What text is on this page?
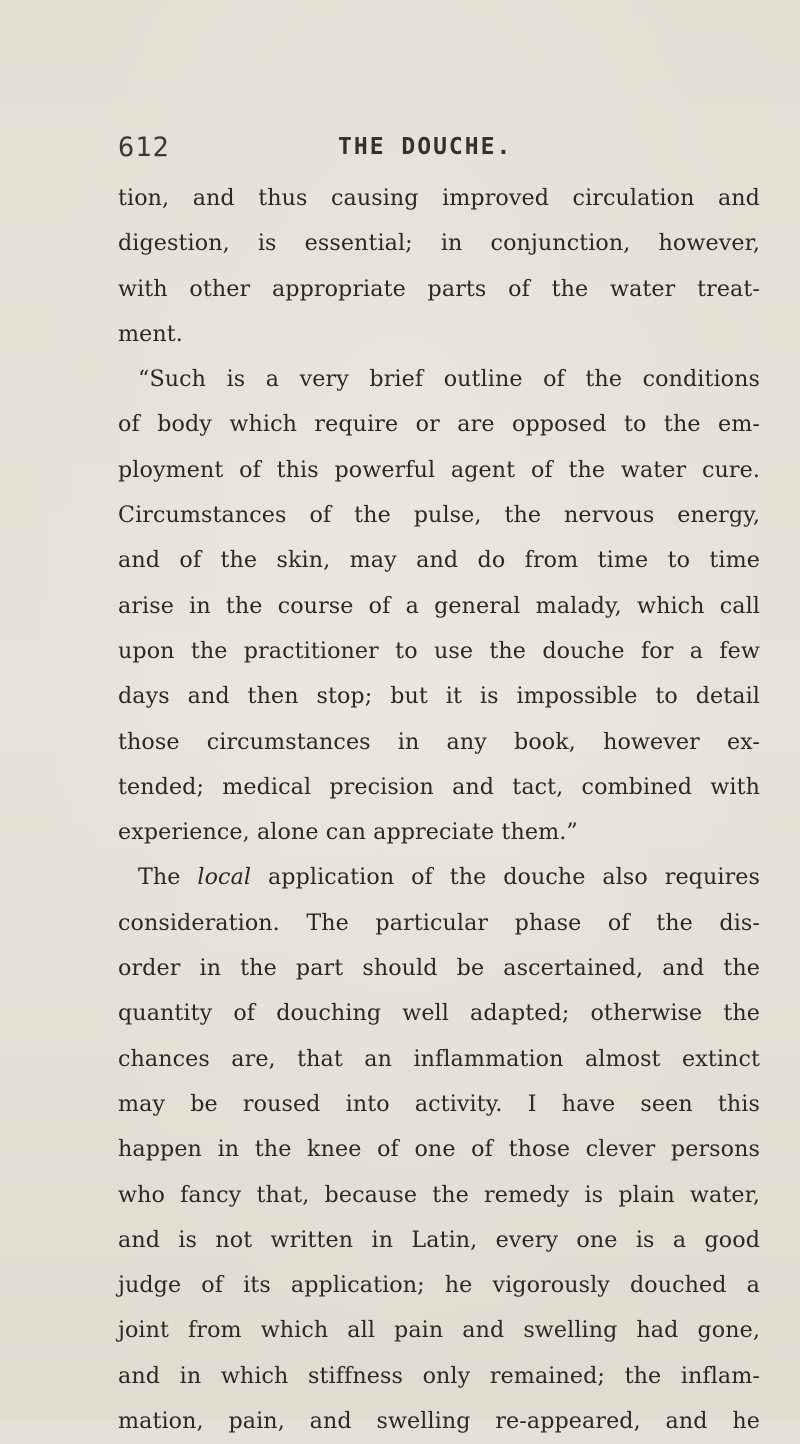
612	THE DOUCHE.
tion, and thus causing improved circulation and
digestion, is essential; in conjunction, however,
with other appropriate parts of the water treat-
ment.
“Such is a very brief outline of the conditions
of body which require or are opposed to the em-
ployment of this powerful agent of the water cure.
Circumstances of the pulse, the nervous energy,
and of the skin, may and do from time to time
arise in the course of a general malady, which call
upon the practitioner to use the douche for a few
days and then stop; but it is impossible to detail
those circumstances in any book, however ex-
tended; medical precision and tact, combined with
experience, alone can appreciate them.”
The local application of the douche also requires
consideration. The particular phase of the dis-
order in the part should be ascertained, and the
quantity of douching well adapted; otherwise the
chances are, that an inflammation almost extinct
may be roused into activity. I have seen this
happen in the knee of one of those clever persons
who fancy that, because the remedy is plain water,
and is not written in Latin, every one is a good
judge of its application; he vigorously douched a
joint from which all pain and swelling had gone,
and in which stiffness only remained; the inflam-
mation, pain, and swelling re-appeared, and he
